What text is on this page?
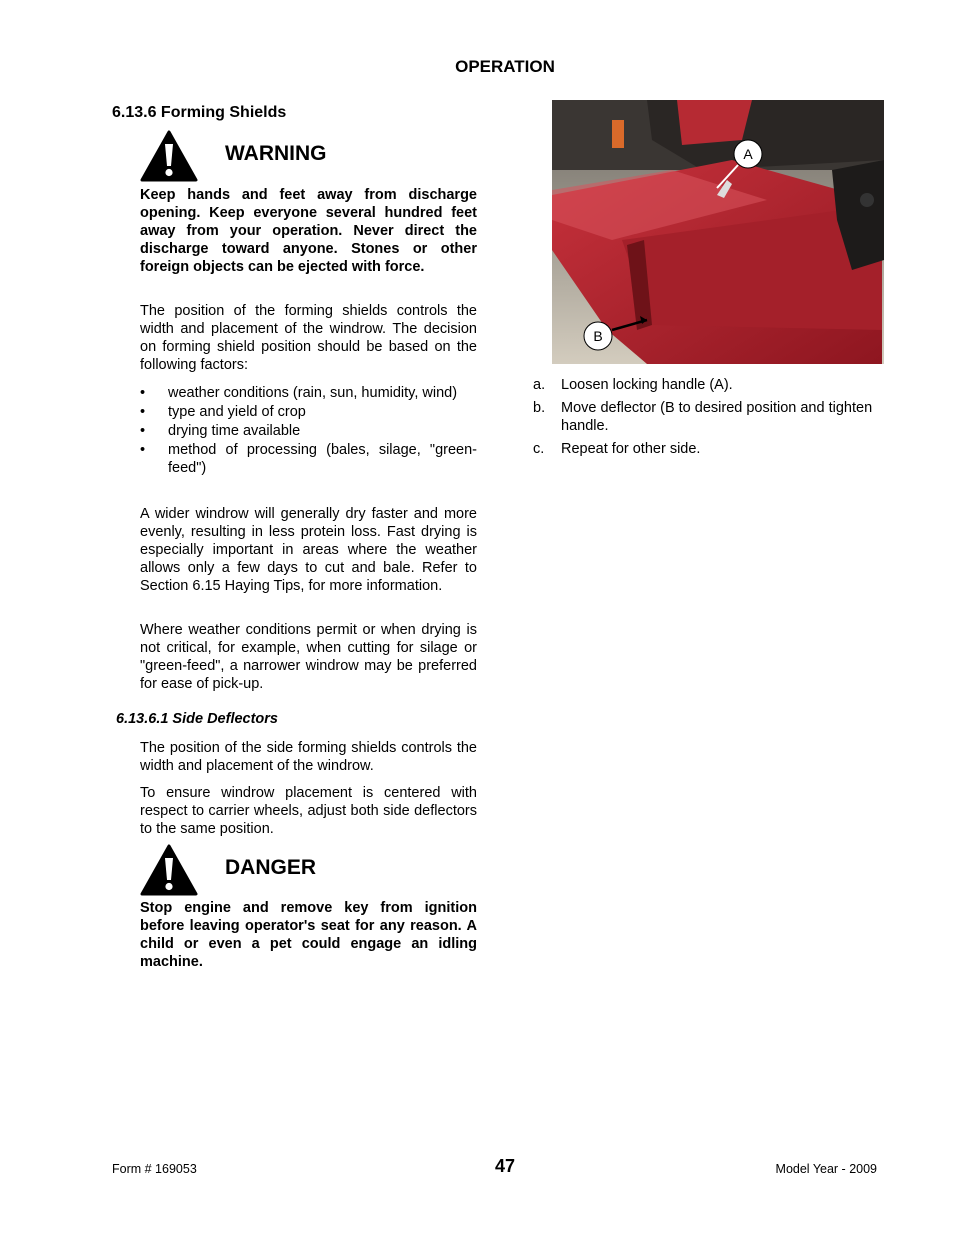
OPERATION
6.13.6 Forming Shields
WARNING
Keep hands and feet away from discharge opening. Keep everyone several hundred feet away from your operation. Never direct the discharge toward anyone. Stones or other foreign objects can be ejected with force.
The position of the forming shields controls the width and placement of the windrow. The decision on forming shield position should be based on the following factors:
• weather conditions (rain, sun, humidity, wind)
• type and yield of crop
• drying time available
• method of processing (bales, silage, "green-feed")
A wider windrow will generally dry faster and more evenly, resulting in less protein loss. Fast drying is especially important in areas where the weather allows only a few days to cut and bale. Refer to Section 6.15 Haying Tips, for more information.
Where weather conditions permit or when drying is not critical, for example, when cutting for silage or "green-feed", a narrower windrow may be preferred for ease of pick-up.
6.13.6.1 Side Deflectors
The position of the side forming shields controls the width and placement of the windrow.
To ensure windrow placement is centered with respect to carrier wheels, adjust both side deflectors to the same position.
DANGER
Stop engine and remove key from ignition before leaving operator's seat for any reason. A child or even a pet could engage an idling machine.
A
B
a. Loosen locking handle (A).
b. Move deflector (B to desired position and tighten handle.
c. Repeat for other side.
Form # 169053	47	Model Year - 2009
